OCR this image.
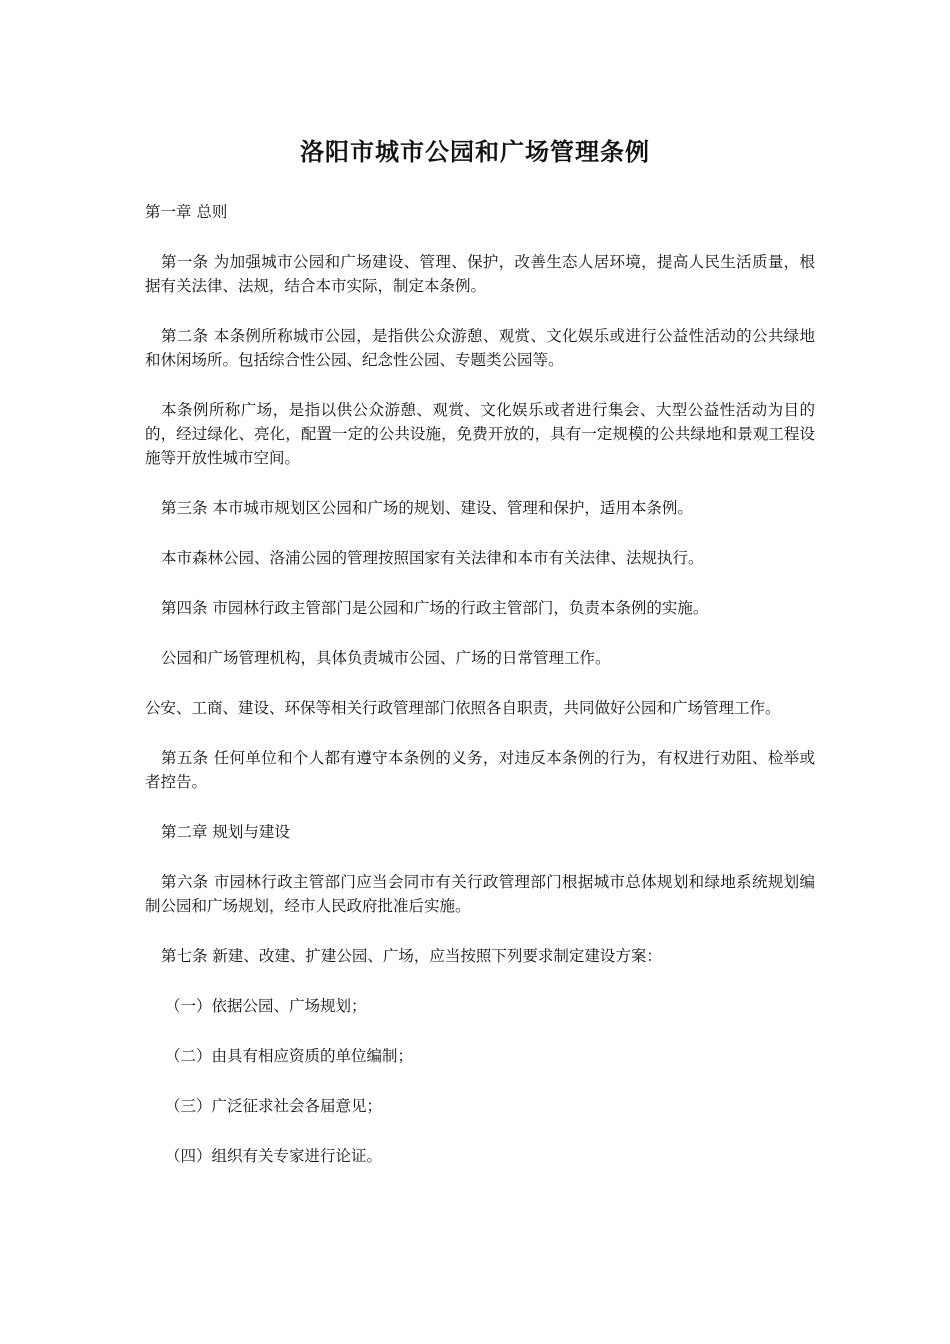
洛阳市城市公园和广场管理条例

第一章 总则

第一条 为加强城市公园和广场建设、管理、保护，改善生态人居环境，提高人民生活质量，根据有关法律、法规，结合本市实际，制定本条例。

第二条 本条例所称城市公园，是指供公众游憩、观赏、文化娱乐或进行公益性活动的公共绿地和休闲场所。包括综合性公园、纪念性公园、专题类公园等。

本条例所称广场，是指以供公众游憩、观赏、文化娱乐或者进行集会、大型公益性活动为目的的，经过绿化、亮化，配置一定的公共设施，免费开放的，具有一定规模的公共绿地和景观工程设施等开放性城市空间。

第三条 本市城市规划区公园和广场的规划、建设、管理和保护，适用本条例。

本市森林公园、洛浦公园的管理按照国家有关法律和本市有关法律、法规执行。

第四条 市园林行政主管部门是公园和广场的行政主管部门，负责本条例的实施。

公园和广场管理机构，具体负责城市公园、广场的日常管理工作。

公安、工商、建设、环保等相关行政管理部门依照各自职责，共同做好公园和广场管理工作。

第五条 任何单位和个人都有遵守本条例的义务，对违反本条例的行为，有权进行劝阻、检举或者控告。

第二章 规划与建设

第六条 市园林行政主管部门应当会同市有关行政管理部门根据城市总体规划和绿地系统规划编制公园和广场规划，经市人民政府批准后实施。

第七条 新建、改建、扩建公园、广场，应当按照下列要求制定建设方案：

（一）依据公园、广场规划；

（二）由具有相应资质的单位编制；

（三）广泛征求社会各届意见；

（四）组织有关专家进行论证。
